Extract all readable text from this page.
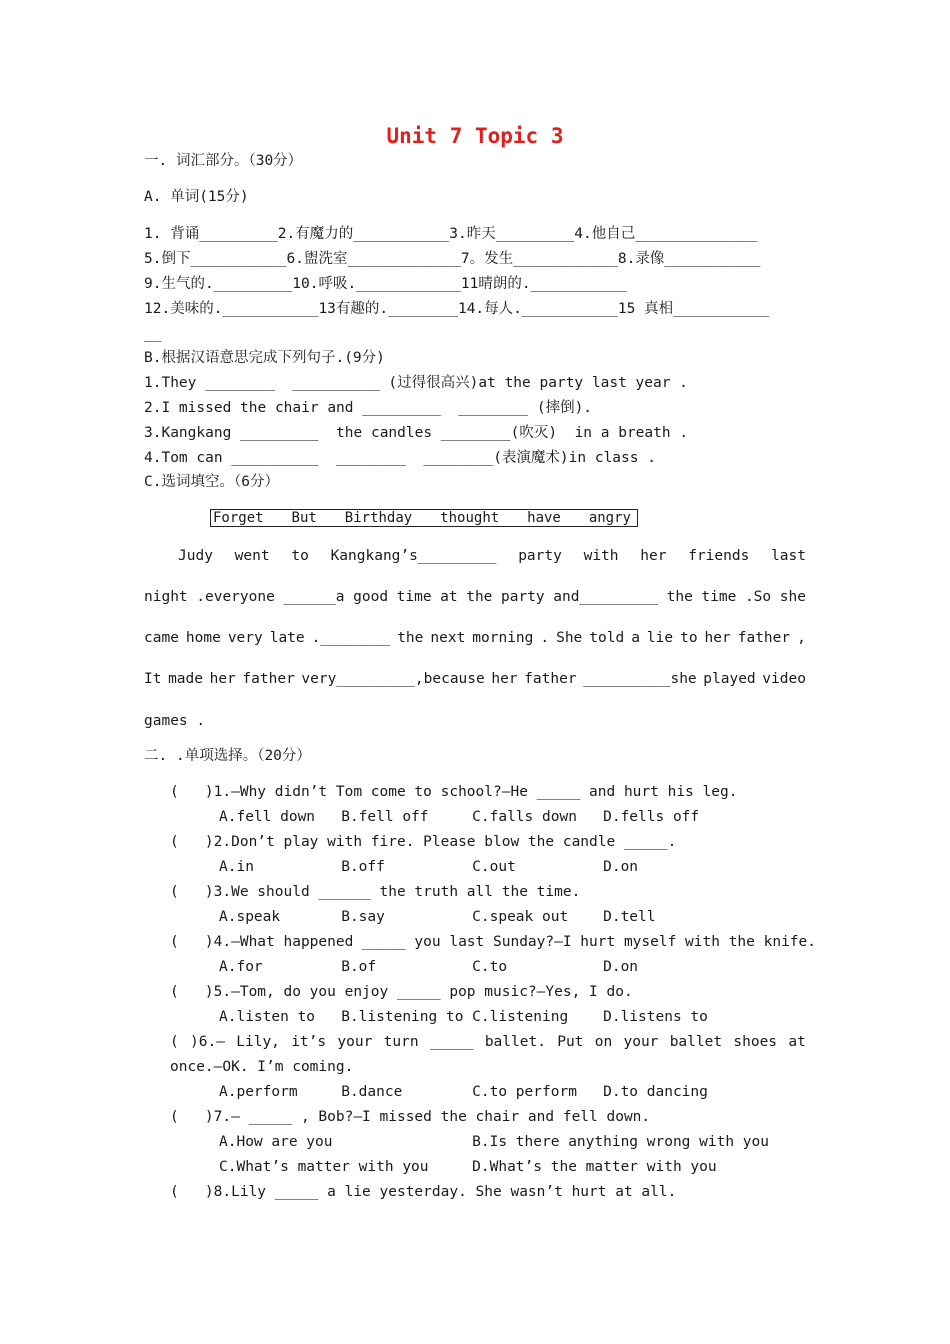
Unit 7 Topic 3
一. 词汇部分。（30分）
A. 单词(15分)
1. 背诵_________2.有魔力的___________3.昨天_________4.他自己______________
5.倒下___________6.盥洗室_____________7。发生____________8.录像___________
9.生气的._________10.呼吸.____________11晴朗的.___________
12.美味的.___________13有趣的.________14.每人.___________15 真相___________
__
B.根据汉语意思完成下列句子.(9分)
1.They ________  __________ (过得很高兴)at the party last year .
2.I missed the chair and _________  ________ (摔倒).
3.Kangkang _________  the candles ________(吹灭)  in a breath .
4.Tom can __________  ________  ________(表演魔术)in class .
C.选词填空。（6分）
Forget But Birthday thought have angry
Judy went to Kangkang’s_________ party with her friends last
night .everyone ______a good time at the party and_________ the time .So she
came home very late .________ the next morning . She told a lie to her father ,
It made her father very_________,because her father __________she played video
games .
二. .单项选择。（20分）
(   )1.—Why didn’t Tom come to school?—He _____ and hurt his leg.
A.fell down   B.fell off     C.falls down   D.fells off
(   )2.Don’t play with fire. Please blow the candle _____.
A.in          B.off          C.out          D.on
(   )3.We should ______ the truth all the time.
A.speak       B.say          C.speak out    D.tell
(   )4.—What happened _____ you last Sunday?—I hurt myself with the knife.
A.for         B.of           C.to           D.on
(   )5.—Tom, do you enjoy _____ pop music?—Yes, I do.
A.listen to   B.listening to C.listening    D.listens to
( )6.— Lily, it’s your turn _____ ballet. Put on your ballet shoes at
once.—OK. I’m coming.
A.perform     B.dance        C.to perform   D.to dancing
(   )7.— _____ , Bob?—I missed the chair and fell down.
A.How are you                B.Is there anything wrong with you
C.What’s matter with you     D.What’s the matter with you
(   )8.Lily _____ a lie yesterday. She wasn’t hurt at all.
